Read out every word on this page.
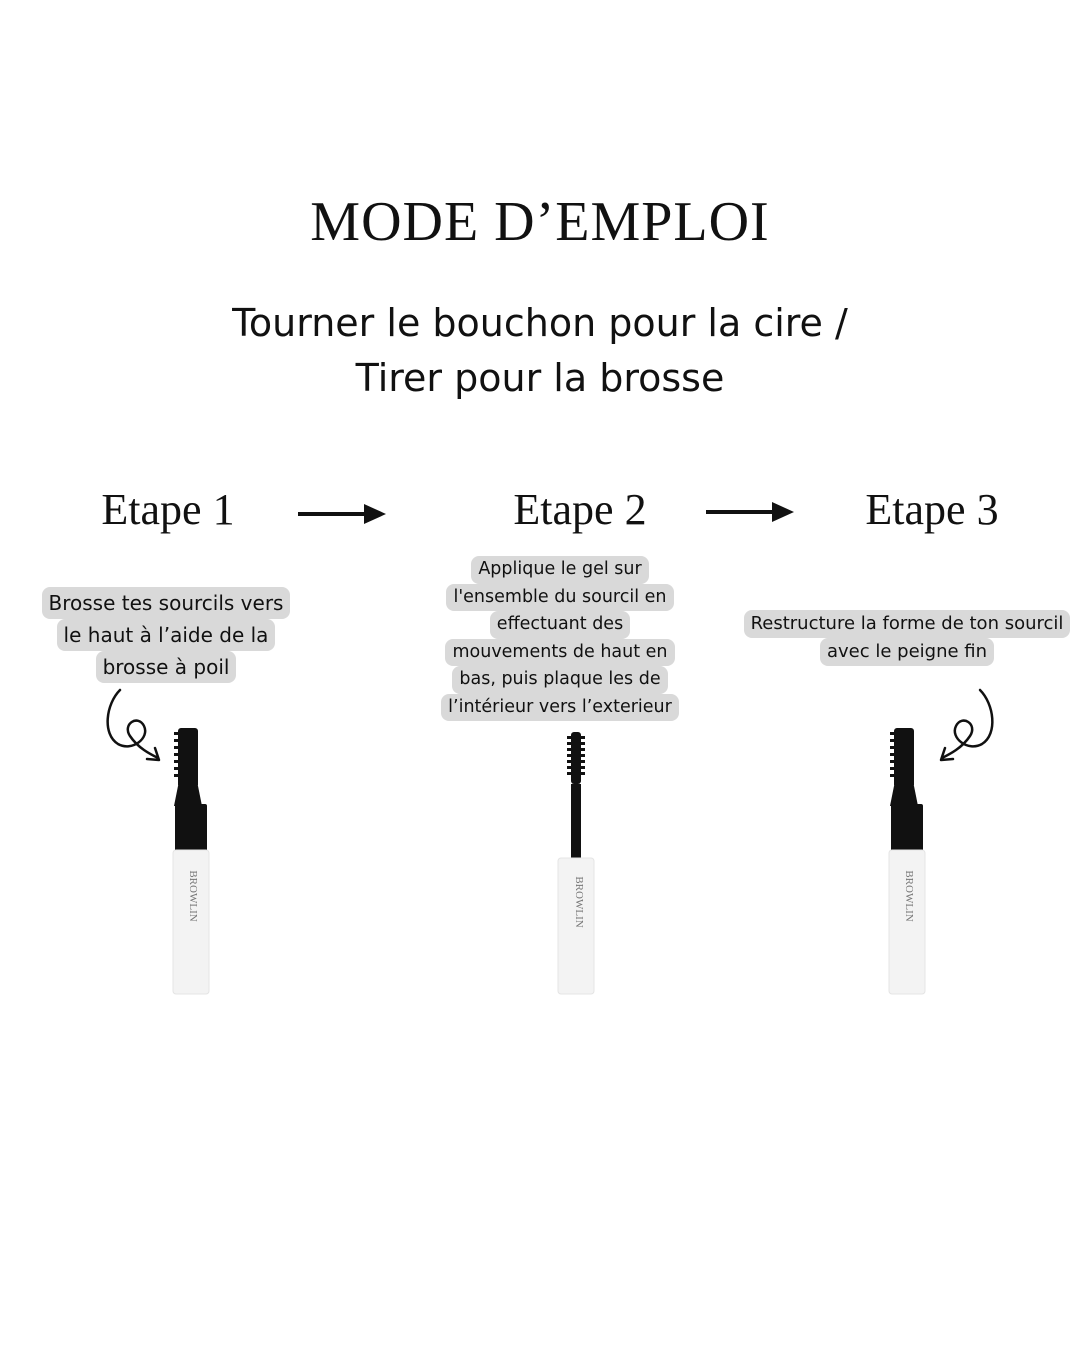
MODE D’EMPLOI
Tourner le bouchon pour la cire /
Tirer pour la brosse
Etape 1	Etape 2	Etape 3
Brosse tes sourcils vers
le haut à l’aide de la
brosse à poil
Applique le gel sur
l'ensemble du sourcil en
effectuant des
mouvements de haut en
bas, puis plaque les de
l’intérieur vers l’exterieur
Restructure la forme de ton sourcil
avec le peigne fin
BROWLIN	BROWLIN	BROWLIN
